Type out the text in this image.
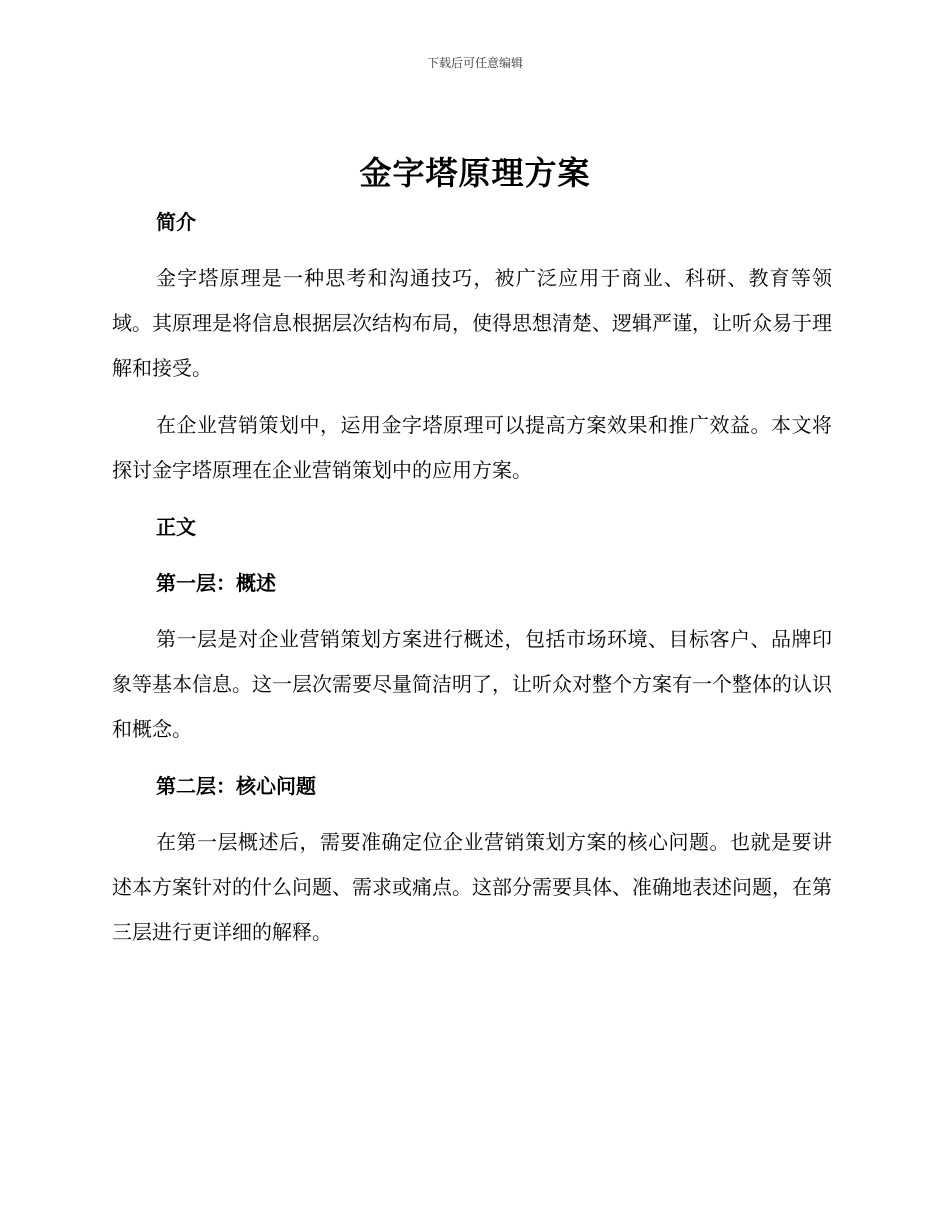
下载后可任意编辑
金字塔原理方案
简介

金字塔原理是一种思考和沟通技巧，被广泛应用于商业、科研、教育等领域。其原理是将信息根据层次结构布局，使得思想清楚、逻辑严谨，让听众易于理解和接受。

在企业营销策划中，运用金字塔原理可以提高方案效果和推广效益。本文将探讨金字塔原理在企业营销策划中的应用方案。

正文
第一层：概述

第一层是对企业营销策划方案进行概述，包括市场环境、目标客户、品牌印象等基本信息。这一层次需要尽量简洁明了，让听众对整个方案有一个整体的认识和概念。

第二层：核心问题

在第一层概述后，需要准确定位企业营销策划方案的核心问题。也就是要讲述本方案针对的什么问题、需求或痛点。这部分需要具体、准确地表述问题，在第三层进行更详细的解释。
